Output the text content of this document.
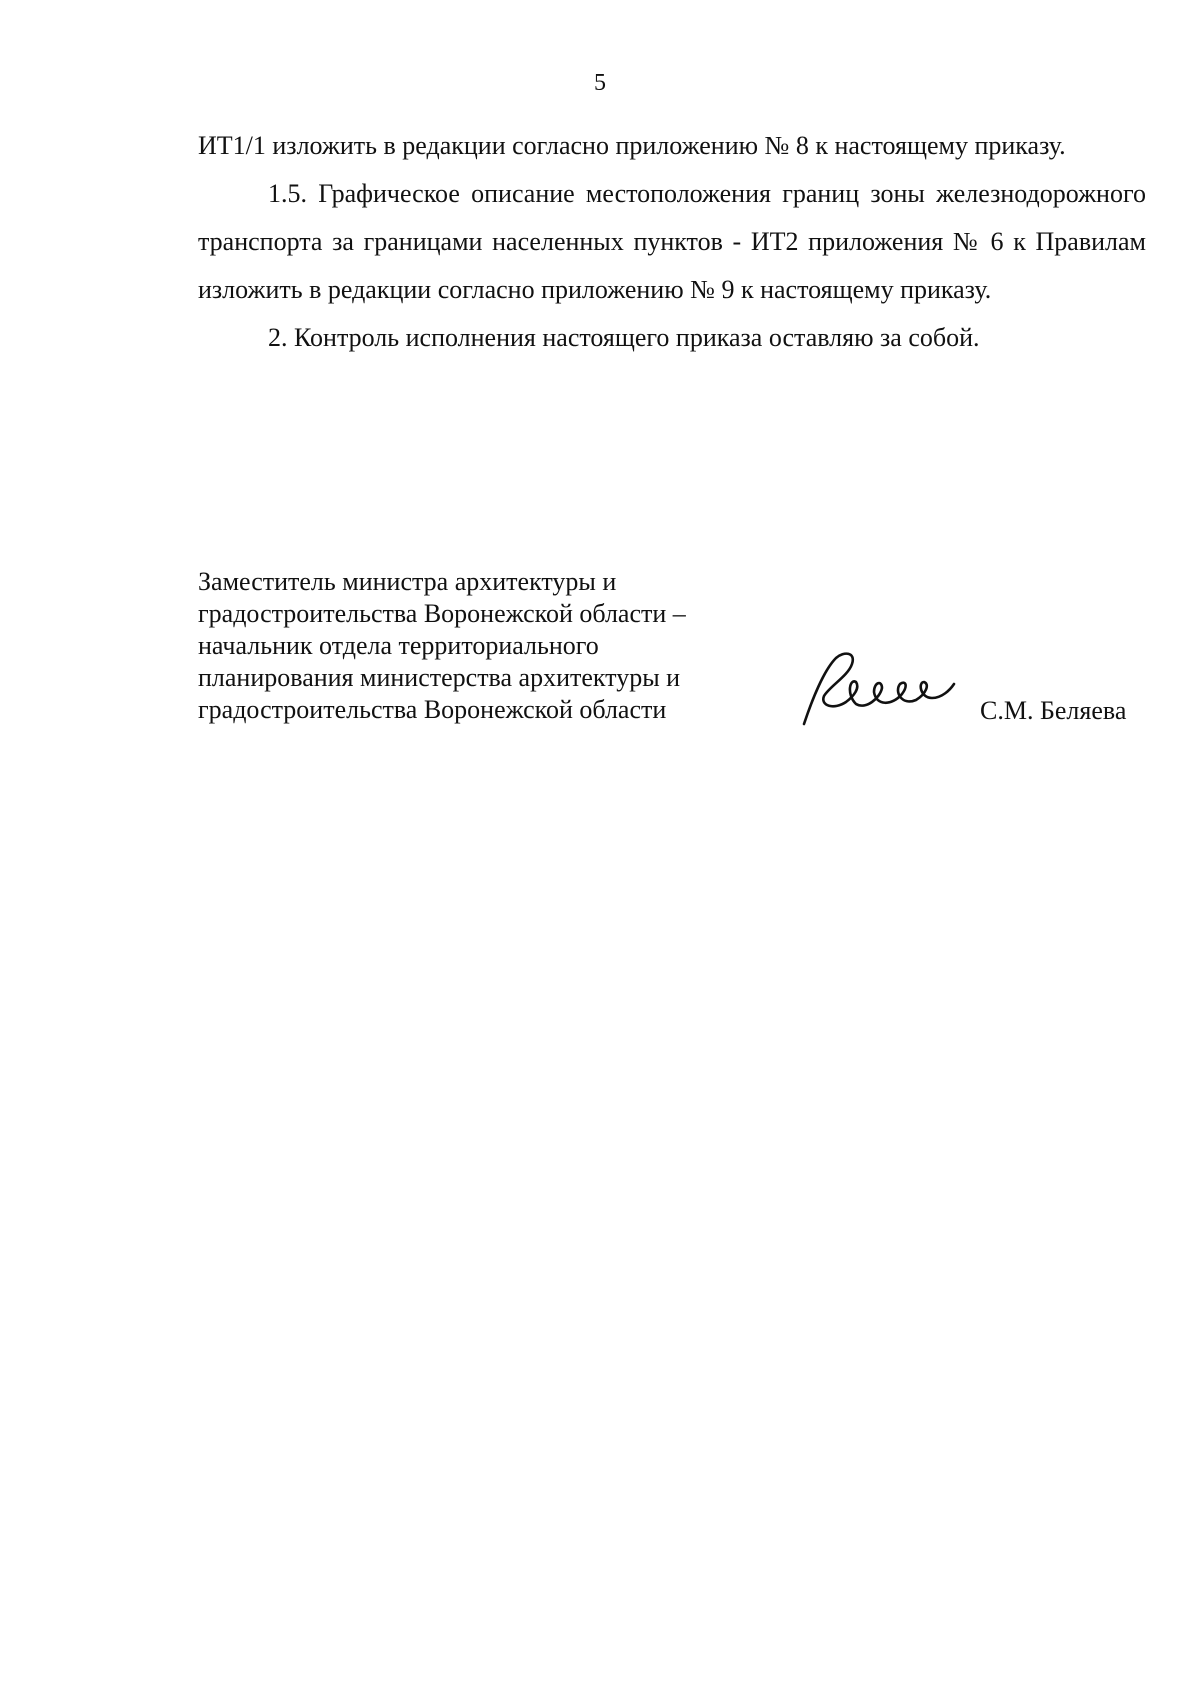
5

ИТ1/1 изложить в редакции согласно приложению № 8 к настоящему приказу.

1.5. Графическое описание местоположения границ зоны железнодорожного транспорта за границами населенных пунктов - ИТ2 приложения № 6 к Правилам изложить в редакции согласно приложению № 9 к настоящему приказу.

2. Контроль исполнения настоящего приказа оставляю за собой.

Заместитель министра архитектуры и
градостроительства Воронежской области –
начальник отдела территориального
планирования министерства архитектуры и
градостроительства Воронежской области	С.М. Беляева
